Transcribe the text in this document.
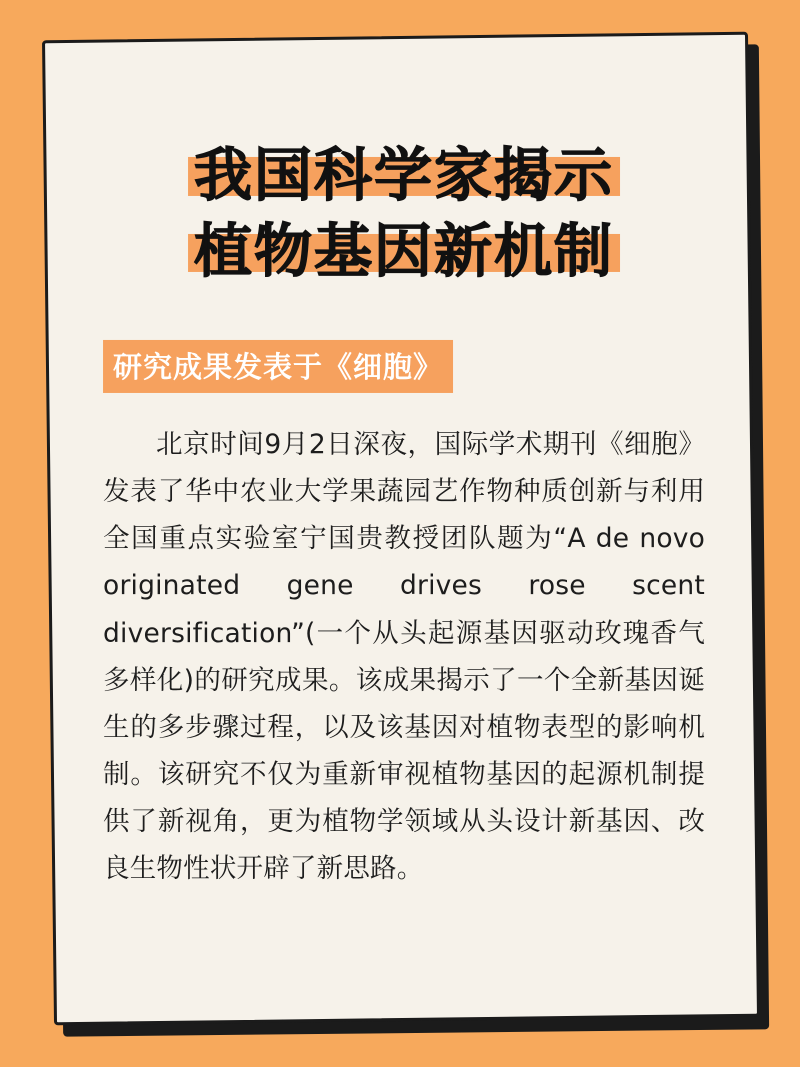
我国科学家揭示

植物基因新机制
研究成果发表于《细胞》

北京时间9月2日深夜，国际学术期刊《细胞》发表了华中农业大学果蔬园艺作物种质创新与利用全国重点实验室宁国贵教授团队题为“A de novo originated gene drives rose scent diversification”(一个从头起源基因驱动玫瑰香气多样化)的研究成果。该成果揭示了一个全新基因诞生的多步骤过程，以及该基因对植物表型的影响机制。该研究不仅为重新审视植物基因的起源机制提供了新视角，更为植物学领域从头设计新基因、改良生物性状开辟了新思路。
